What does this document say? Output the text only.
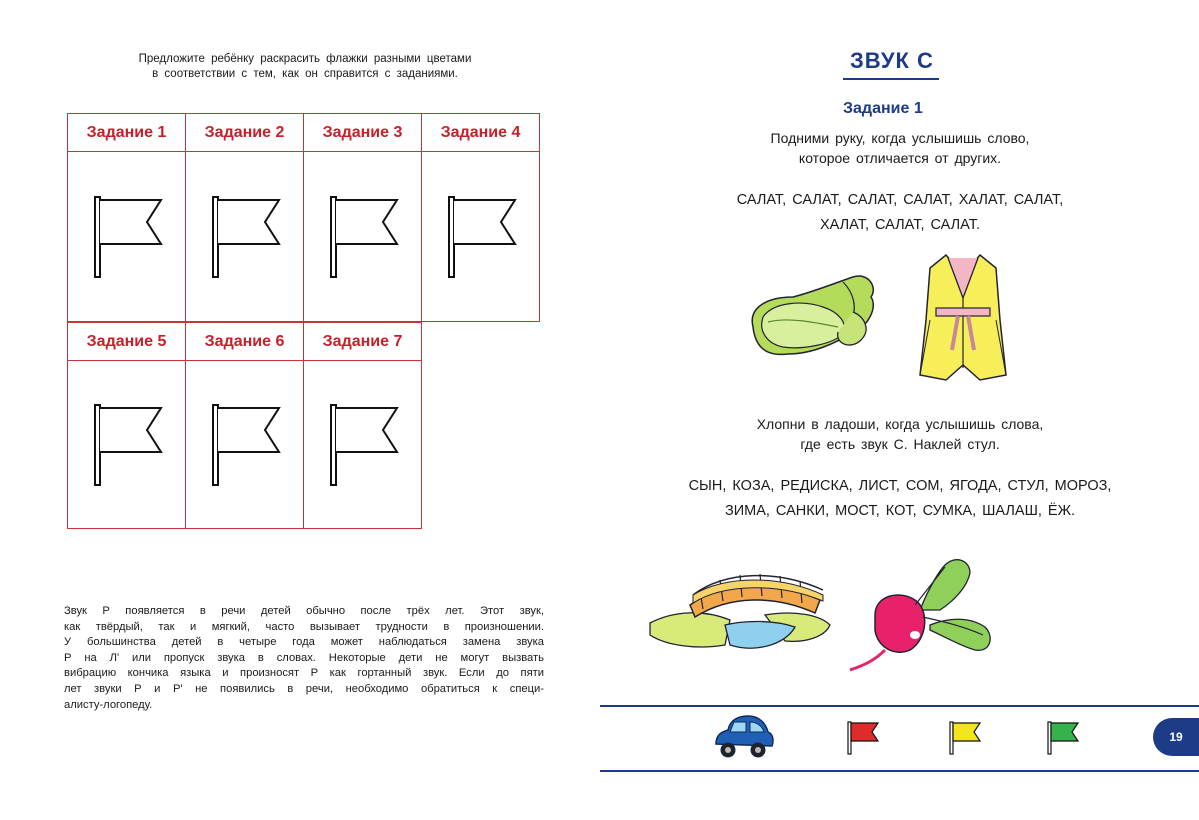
Предложите ребёнку раскрасить флажки разными цветами
в соответствии с тем, как он справится с заданиями.
Задание 1	Задание 2	Задание 3	Задание 4

Задание 5	Задание 6	Задание 7

Звук Р появляется в речи детей обычно после трёх лет. Этот звук,
как твёрдый, так и мягкий, часто вызывает трудности в произношении.
У большинства детей в четыре года может наблюдаться замена звука
Р на Л' или пропуск звука в словах. Некоторые дети не могут вызвать
вибрацию кончика языка и произносят Р как гортанный звук. Если до пяти
лет звуки Р и Р' не появились в речи, необходимо обратиться к специ-
алисту-логопеду.
ЗВУК С
Задание 1
Подними руку, когда услышишь слово,
которое отличается от других.
САЛАТ, САЛАТ, САЛАТ, САЛАТ, ХАЛАТ, САЛАТ,
ХАЛАТ, САЛАТ, САЛАТ.
Хлопни в ладоши, когда услышишь слова,
где есть звук С. Наклей стул.
СЫН, КОЗА, РЕДИСКА, ЛИСТ, СОМ, ЯГОДА, СТУЛ, МОРОЗ,
ЗИМА, САНКИ, МОСТ, КОТ, СУМКА, ШАЛАШ, ЁЖ.
19
